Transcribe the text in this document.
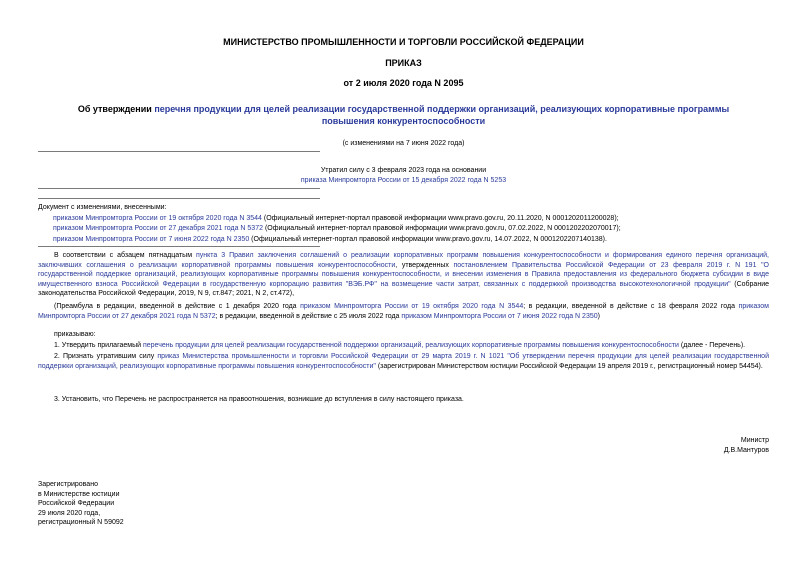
МИНИСТЕРСТВО ПРОМЫШЛЕННОСТИ И ТОРГОВЛИ РОССИЙСКОЙ ФЕДЕРАЦИИ
ПРИКАЗ
от 2 июля 2020 года N 2095
Об утверждении перечня продукции для целей реализации государственной поддержки организаций, реализующих корпоративные программы повышения конкурентоспособности
(с изменениями на 7 июня 2022 года)
Утратил силу с 3 февраля 2023 года на основании
приказа Минпромторга России от 15 декабря 2022 года N 5253
Документ с изменениями, внесенными:
приказом Минпромторга России от 19 октября 2020 года N 3544 (Официальный интернет-портал правовой информации www.pravo.gov.ru, 20.11.2020, N 0001202011200028);
приказом Минпромторга России от 27 декабря 2021 года N 5372 (Официальный интернет-портал правовой информации www.pravo.gov.ru, 07.02.2022, N 0001202202070017);
приказом Минпромторга России от 7 июня 2022 года N 2350 (Официальный интернет-портал правовой информации www.pravo.gov.ru, 14.07.2022, N 0001202207140138).
В соответствии с абзацем пятнадцатым пункта 3 Правил заключения соглашений о реализации корпоративных программ повышения конкурентоспособности и формирования единого перечня организаций, заключивших соглашения о реализации корпоративной программы повышения конкурентоспособности, утвержденных постановлением Правительства Российской Федерации от 23 февраля 2019 г. N 191 "О государственной поддержке организаций, реализующих корпоративные программы повышения конкурентоспособности, и внесении изменения в Правила предоставления из федерального бюджета субсидии в виде имущественного взноса Российской Федерации в государственную корпорацию развития "ВЭБ.РФ" на возмещение части затрат, связанных с поддержкой производства высокотехнологичной продукции" (Собрание законодательства Российской Федерации, 2019, N 9, ст.847; 2021, N 2, ст.472),
(Преамбула в редакции, введенной в действие с 1 декабря 2020 года приказом Минпромторга России от 19 октября 2020 года N 3544; в редакции, введенной в действие с 18 февраля 2022 года приказом Минпромторга России от 27 декабря 2021 года N 5372; в редакции, введенной в действие с 25 июля 2022 года приказом Минпромторга России от 7 июня 2022 года N 2350)
приказываю:
1. Утвердить прилагаемый перечень продукции для целей реализации государственной поддержки организаций, реализующих корпоративные программы повышения конкурентоспособности (далее - Перечень).
2. Признать утратившим силу приказ Министерства промышленности и торговли Российской Федерации от 29 марта 2019 г. N 1021 "Об утверждении перечня продукции для целей реализации государственной поддержки организаций, реализующих корпоративные программы повышения конкурентоспособности" (зарегистрирован Министерством юстиции Российской Федерации 19 апреля 2019 г., регистрационный номер 54454).
3. Установить, что Перечень не распространяется на правоотношения, возникшие до вступления в силу настоящего приказа.
Министр
Д.В.Мантуров
Зарегистрировано
в Министерстве юстиции
Российской Федерации
29 июля 2020 года,
регистрационный N 59092
